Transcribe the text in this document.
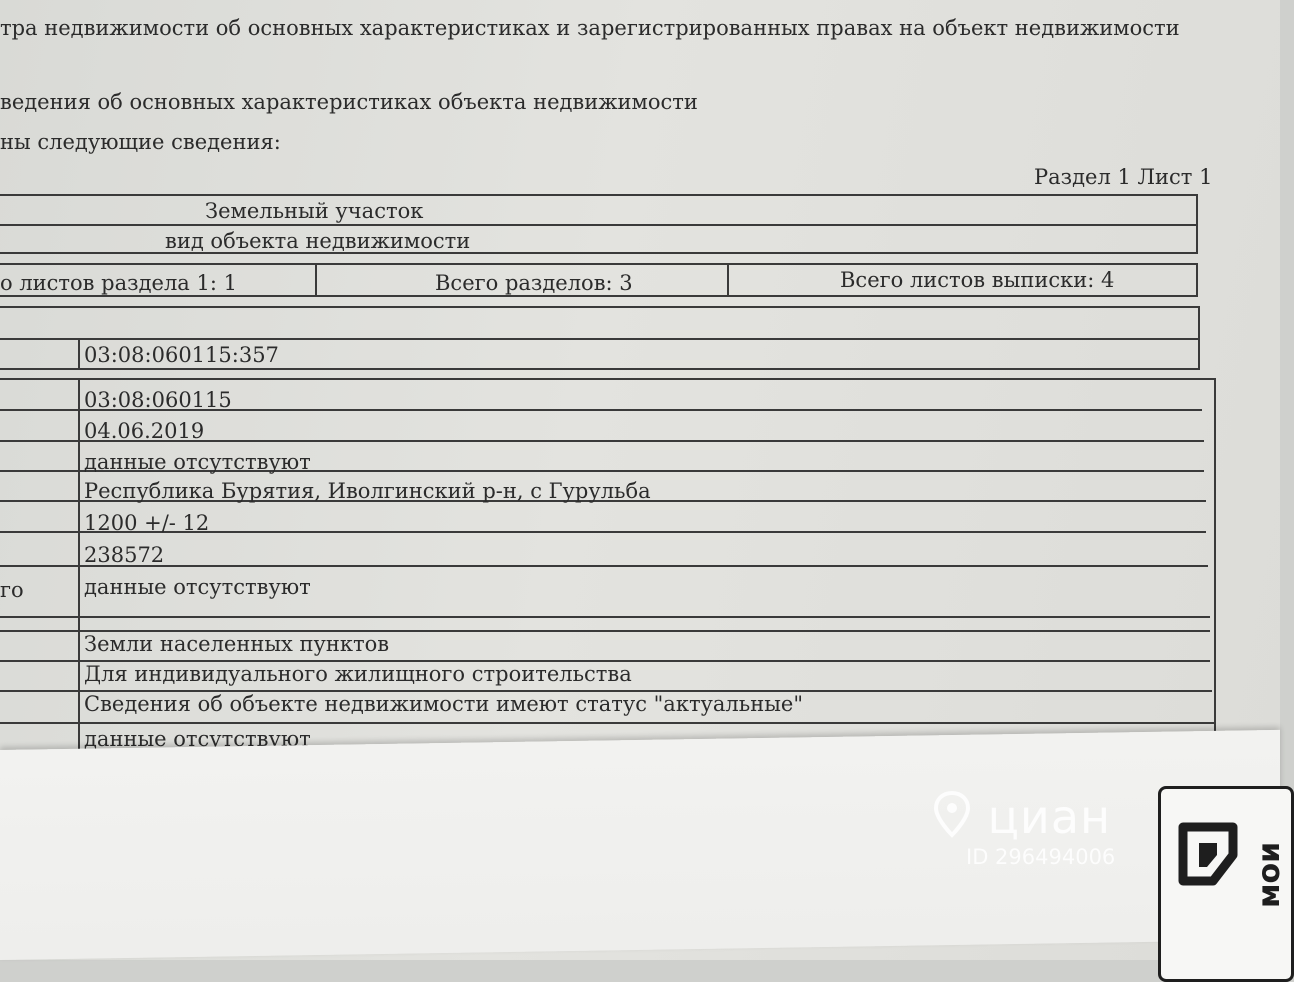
тра недвижимости об основных характеристиках и зарегистрированных правах на объект недвижимости
ведения об основных характеристиках объекта недвижимости
ны следующие сведения:
Раздел 1 Лист 1
Земельный участок
вид объекта недвижимости
о листов раздела 1: 1	Всего разделов: 3	Всего листов выписки: 4
03:08:060115:357
03:08:060115
04.06.2019
данные отсутствуют
Республика Бурятия, Иволгинский р-н, с Гурульба
1200 +/- 12
238572
го	данные отсутствуют
Земли населенных пунктов
Для индивидуального жилищного строительства
Сведения об объекте недвижимости имеют статус "актуальные"
данные отсутствуют
циан
ID 296494006	мои
